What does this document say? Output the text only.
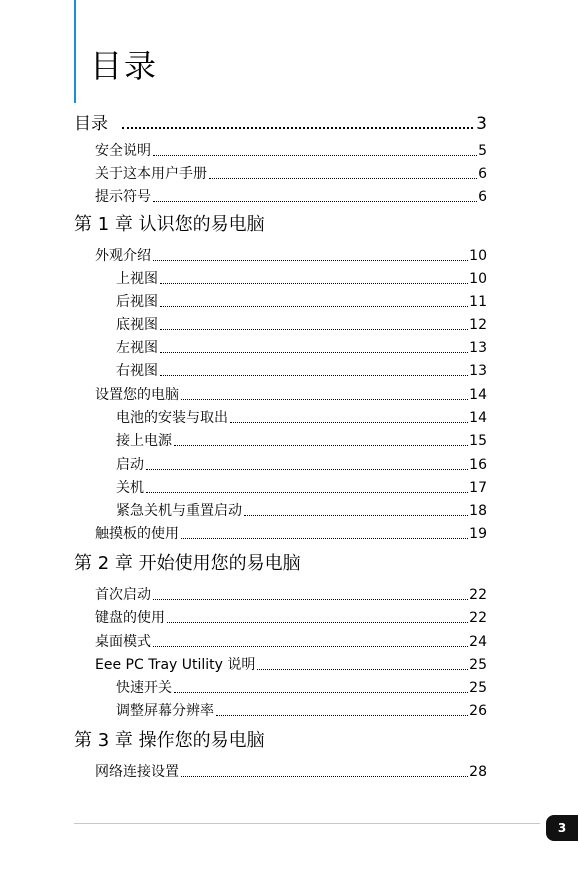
目录
目录	3
安全说明	5
关于这本用户手册	6
提示符号	6
第 1 章 认识您的易电脑
外观介绍	10
上视图	10
后视图	11
底视图	12
左视图	13
右视图	13
设置您的电脑	14
电池的安装与取出	14
接上电源	15
启动	16
关机	17
紧急关机与重置启动	18
触摸板的使用	19
第 2 章 开始使用您的易电脑
首次启动	22
键盘的使用	22
桌面模式	24
Eee PC Tray Utility 说明	25
快速开关	25
调整屏幕分辨率	26
第 3 章 操作您的易电脑
网络连接设置	28
3
